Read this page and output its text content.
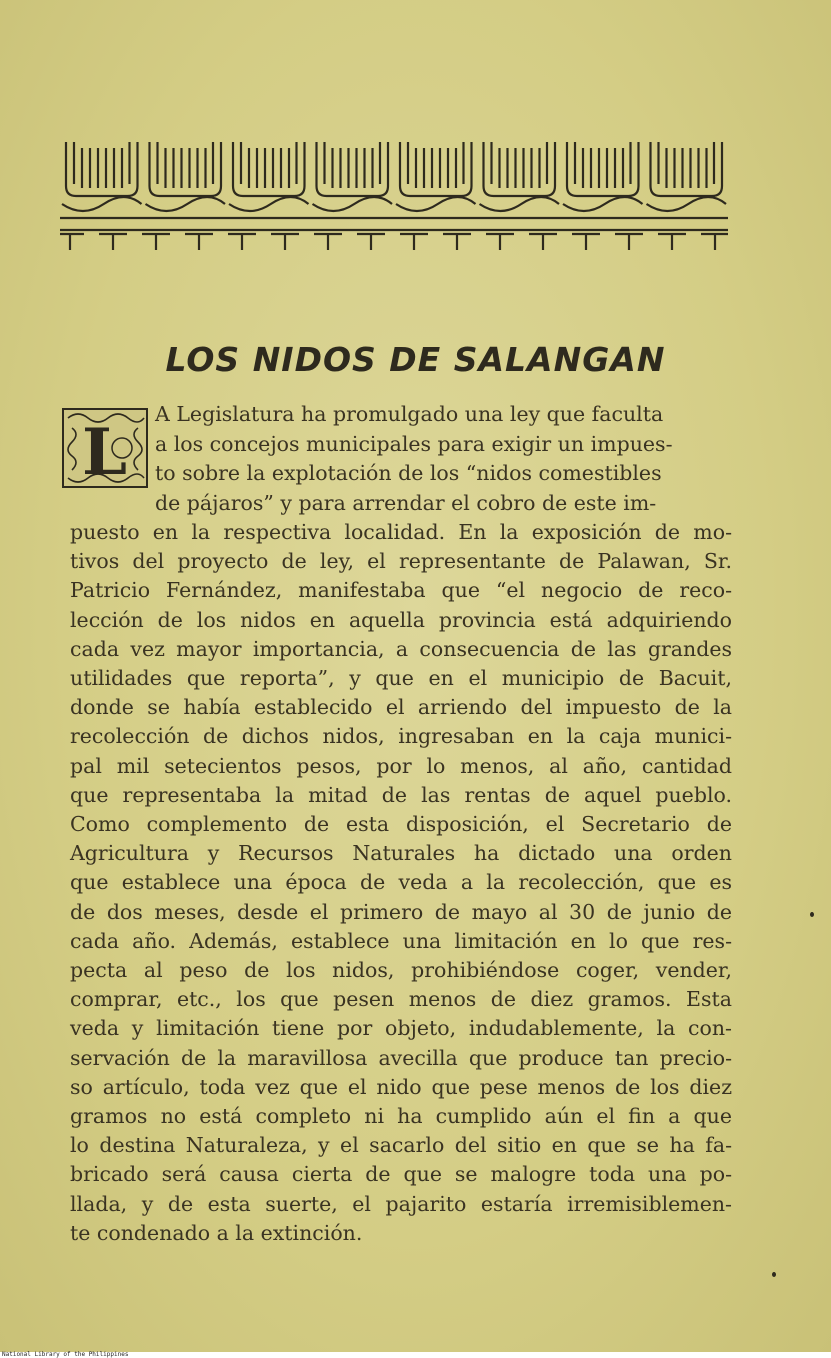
LOS NIDOS DE SALANGAN
L

A Legislatura ha promulgado una ley que faculta
a los concejos municipales para exigir un impues-
to sobre la explotación de los “nidos comestibles
de pájaros” y para arrendar el cobro de este im-

puesto en la respectiva localidad. En la exposición de mo-
tivos del proyecto de ley, el representante de Palawan, Sr.
Patricio Fernández, manifestaba que “el negocio de reco-
lección de los nidos en aquella provincia está adquiriendo
cada vez mayor importancia, a consecuencia de las grandes
utilidades que reporta”, y que en el municipio de Bacuit,
donde se había establecido el arriendo del impuesto de la
recolección de dichos nidos, ingresaban en la caja munici-
pal mil setecientos pesos, por lo menos, al año, cantidad
que representaba la mitad de las rentas de aquel pueblo.
Como complemento de esta disposición, el Secretario de
Agricultura y Recursos Naturales ha dictado una orden
que establece una época de veda a la recolección, que es
de dos meses, desde el primero de mayo al 30 de junio de
cada año. Además, establece una limitación en lo que res-
pecta al peso de los nidos, prohibiéndose coger, vender,
comprar, etc., los que pesen menos de diez gramos. Esta
veda y limitación tiene por objeto, indudablemente, la con-
servación de la maravillosa avecilla que produce tan precio-
so artículo, toda vez que el nido que pese menos de los diez
gramos no está completo ni ha cumplido aún el fin a que
lo destina Naturaleza, y el sacarlo del sitio en que se ha fa-
bricado será causa cierta de que se malogre toda una po-
llada, y de esta suerte, el pajarito estaría irremisiblemen-
te condenado a la extinción.

National Library of the Philippines
